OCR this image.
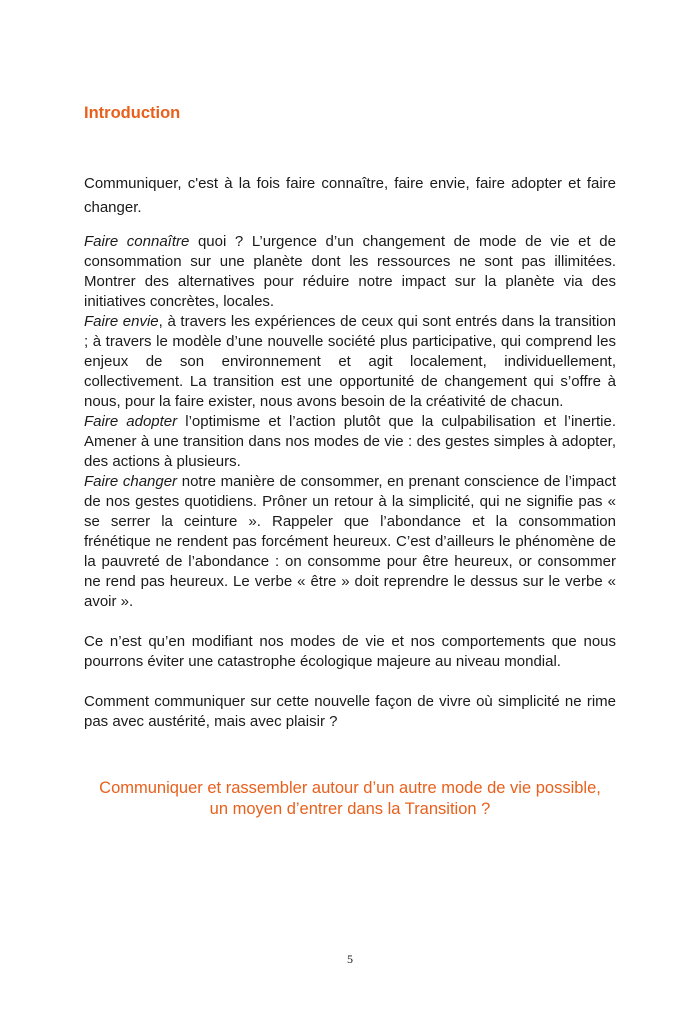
Introduction

Communiquer, c'est à la fois faire connaître, faire envie, faire adopter et faire changer.

Faire connaître quoi ? L’urgence d’un changement de mode de vie et de consommation sur une planète dont les ressources ne sont pas illimitées. Montrer des alternatives pour réduire notre impact sur la planète via des initiatives concrètes, locales.

Faire envie, à travers les expériences de ceux qui sont entrés dans la transition ; à travers le modèle d’une nouvelle société plus participative, qui comprend les enjeux de son environnement et agit localement, individuellement, collectivement. La transition est une opportunité de changement qui s’offre à nous, pour la faire exister, nous avons besoin de la créativité de chacun.

Faire adopter l’optimisme et l’action plutôt que la culpabilisation et l’inertie. Amener à une transition dans nos modes de vie : des gestes simples à adopter, des actions à plusieurs.

Faire changer notre manière de consommer, en prenant conscience de l’impact de nos gestes quotidiens. Prôner un retour à la simplicité, qui ne signifie pas « se serrer la ceinture ». Rappeler que l’abondance et la consommation frénétique ne rendent pas forcément heureux. C’est d’ailleurs le phénomène de la pauvreté de l’abondance : on consomme pour être heureux, or consommer ne rend pas heureux. Le verbe « être » doit reprendre le dessus sur le verbe « avoir ».

Ce n’est qu’en modifiant nos modes de vie et nos comportements que nous pourrons éviter une catastrophe écologique majeure au niveau mondial.

Comment communiquer sur cette nouvelle façon de vivre où simplicité ne rime pas avec austérité, mais avec plaisir ?

Communiquer et rassembler autour d’un autre mode de vie possible,
un moyen d’entrer dans la Transition ?
5
